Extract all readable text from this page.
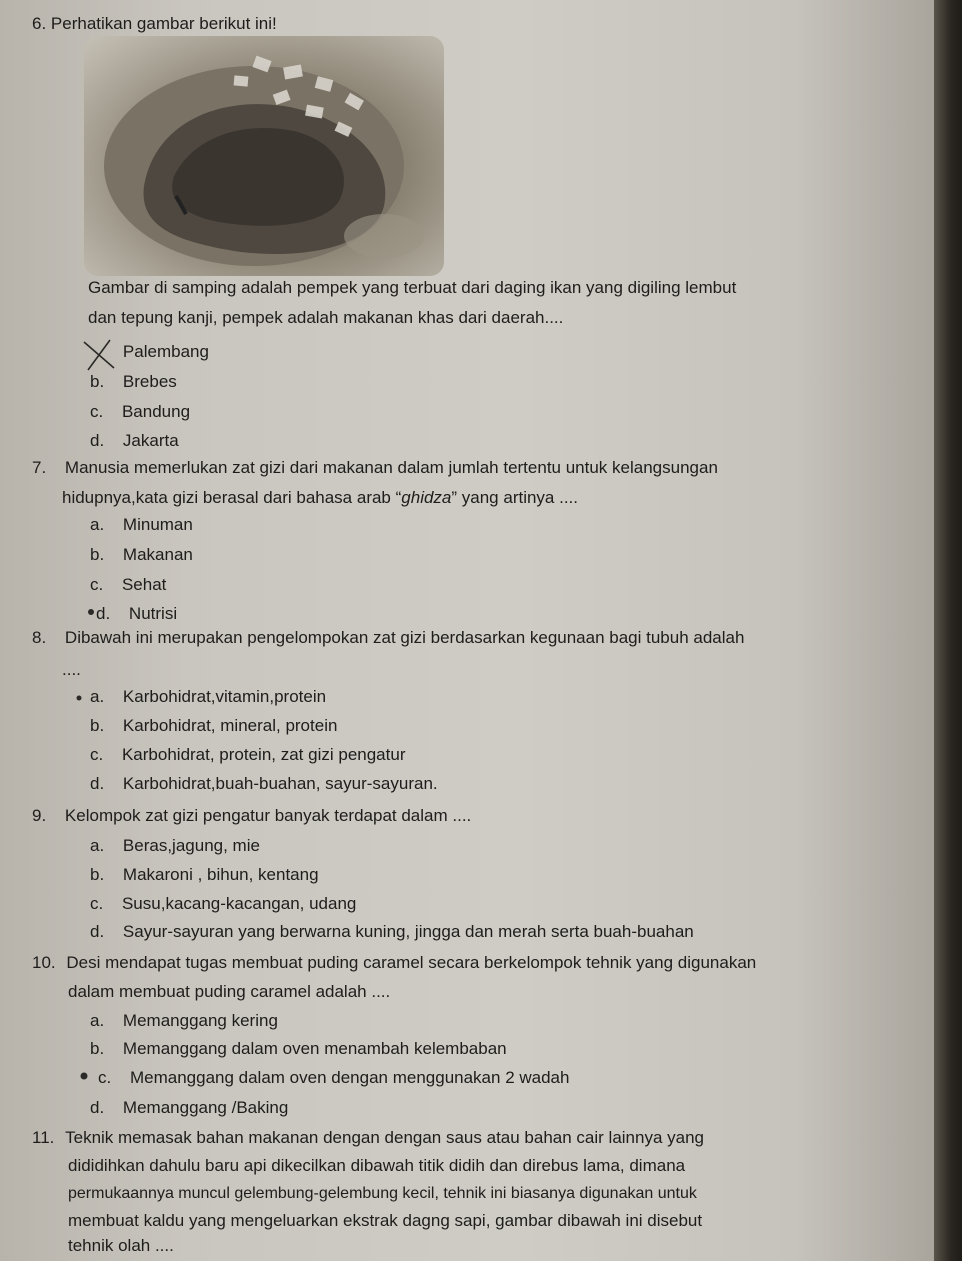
6. Perhatikan gambar berikut ini!
Gambar di samping adalah pempek yang terbuat dari daging ikan yang digiling lembut
dan tepung kanji, pempek adalah makanan khas dari daerah....
Palembang
b. Brebes
c. Bandung
d. Jakarta
7. Manusia memerlukan zat gizi dari makanan dalam jumlah tertentu untuk kelangsungan
hidupnya,kata gizi berasal dari bahasa arab “ghidza” yang artinya ....
a. Minuman
b. Makanan
c. Sehat
d. Nutrisi
8. Dibawah ini merupakan pengelompokan zat gizi berdasarkan kegunaan bagi tubuh adalah
....
a. Karbohidrat,vitamin,protein
b. Karbohidrat, mineral, protein
c. Karbohidrat, protein, zat gizi pengatur
d. Karbohidrat,buah-buahan, sayur-sayuran.
9. Kelompok zat gizi pengatur banyak terdapat dalam ....
a. Beras,jagung, mie
b. Makaroni , bihun, kentang
c. Susu,kacang-kacangan, udang
d. Sayur-sayuran yang berwarna kuning, jingga dan merah serta buah-buahan
10. Desi mendapat tugas membuat puding caramel secara berkelompok tehnik yang digunakan
dalam membuat puding caramel adalah ....
a. Memanggang kering
b. Memanggang dalam oven menambah kelembaban
c. Memanggang dalam oven dengan menggunakan 2 wadah
d. Memanggang /Baking
11. Teknik memasak bahan makanan dengan dengan saus atau bahan cair lainnya yang
dididihkan dahulu baru api dikecilkan dibawah titik didih dan direbus lama, dimana
permukaannya muncul gelembung-gelembung kecil, tehnik ini biasanya digunakan untuk
membuat kaldu yang mengeluarkan ekstrak dagng sapi, gambar dibawah ini disebut
tehnik olah ....
